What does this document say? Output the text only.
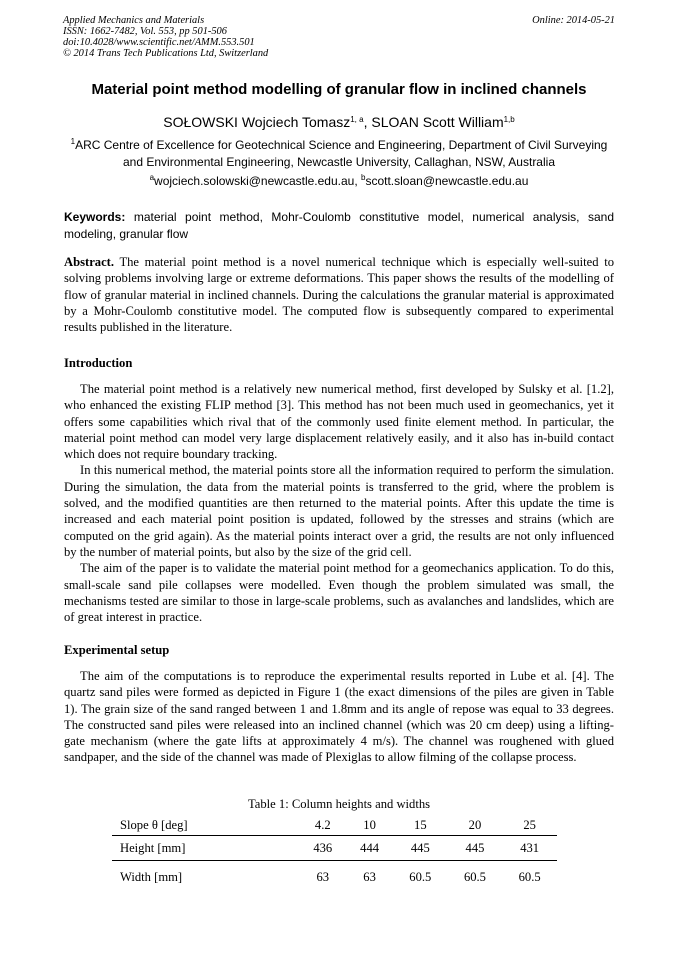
Applied Mechanics and Materials
ISSN: 1662-7482, Vol. 553, pp 501-506
doi:10.4028/www.scientific.net/AMM.553.501
© 2014 Trans Tech Publications Ltd, Switzerland
Online: 2014-05-21
Material point method modelling of granular flow in inclined channels
SOŁOWSKI Wojciech Tomasz$^{1, a}$, SLOAN Scott William$^{1,b}$
$^1$ARC Centre of Excellence for Geotechnical Science and Engineering, Department of Civil Surveying and Environmental Engineering, Newcastle University, Callaghan, NSW, Australia
$^a$wojciech.solowski@newcastle.edu.au, $^b$scott.sloan@newcastle.edu.au
Keywords: material point method, Mohr-Coulomb constitutive model, numerical analysis, sand modeling, granular flow
Abstract. The material point method is a novel numerical technique which is especially well-suited to solving problems involving large or extreme deformations. This paper shows the results of the modelling of flow of granular material in inclined channels. During the calculations the granular material is approximated by a Mohr-Coulomb constitutive model. The computed flow is subsequently compared to experimental results published in the literature.
Introduction

The material point method is a relatively new numerical method, first developed by Sulsky et al. [1.2], who enhanced the existing FLIP method [3]. This method has not been much used in geomechanics, yet it offers some capabilities which rival that of the commonly used finite element method. In particular, the material point method can model very large displacement relatively easily, and it also has in-build contact which does not require boundary tracking.

In this numerical method, the material points store all the information required to perform the simulation. During the simulation, the data from the material points is transferred to the grid, where the problem is solved, and the modified quantities are then returned to the material points. After this update the time is increased and each material point position is updated, followed by the stresses and strains (which are computed on the grid again). As the material points interact over a grid, the results are not only influenced by the number of material points, but also by the size of the grid cell.

The aim of the paper is to validate the material point method for a geomechanics application. To do this, small-scale sand pile collapses were modelled. Even though the problem simulated was small, the mechanisms tested are similar to those in large-scale problems, such as avalanches and landslides, which are of great interest in practice.

Experimental setup

The aim of the computations is to reproduce the experimental results reported in Lube et al. [4]. The quartz sand piles were formed as depicted in Figure 1 (the exact dimensions of the piles are given in Table 1). The grain size of the sand ranged between 1 and 1.8mm and its angle of repose was equal to 33 degrees. The constructed sand piles were released into an inclined channel (which was 20 cm deep) using a lifting-gate mechanism (where the gate lifts at approximately 4 m/s). The channel was roughened with glued sandpaper, and the side of the channel was made of Plexiglas to allow filming of the collapse process.

Table 1: Column heights and widths
Slope θ [deg]	4.2	10	15	20	25
Height [mm]	436	444	445	445	431
Width [mm]	63	63	60.5	60.5	60.5
